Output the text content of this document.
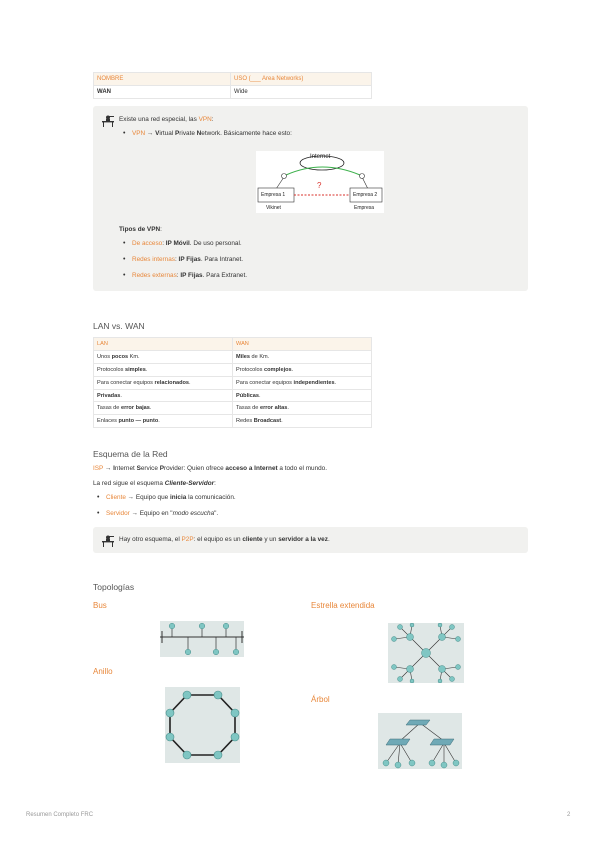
NOMBRE	USO (___ Area Networks)
WAN	Wide
Existe una red especial, las VPN:
• VPN → Virtual Private Network. Básicamente hace esto:
Internet
?
Empresa 1	Empresa 2
Vikinet	Empresa
Tipos de VPN:
• De acceso: IP Móvil. De uso personal.
• Redes internas: IP Fijas. Para Intranet.
• Redes externas: IP Fijas. Para Extranet.
LAN vs. WAN
LAN	WAN
Unos pocos Km.	Miles de Km.
Protocolos simples.	Protocolos complejos.
Para conectar equipos relacionados.	Para conectar equipos independientes.
Privadas.	Públicas.
Tasas de error bajas.	Tasas de error altas.
Enlaces punto — punto.	Redes Broadcast.
Esquema de la Red
ISP → Internet Service Provider: Quien ofrece acceso a Internet a todo el mundo.
La red sigue el esquema Cliente-Servidor:
• Cliente → Equipo que inicia la comunicación.
• Servidor → Equipo en "modo escucha".
Hay otro esquema, el P2P: el equipo es un cliente y un servidor a la vez.
Topologías
Bus
Anillo
Estrella extendida
Árbol
Resumen Completo FRC	2
